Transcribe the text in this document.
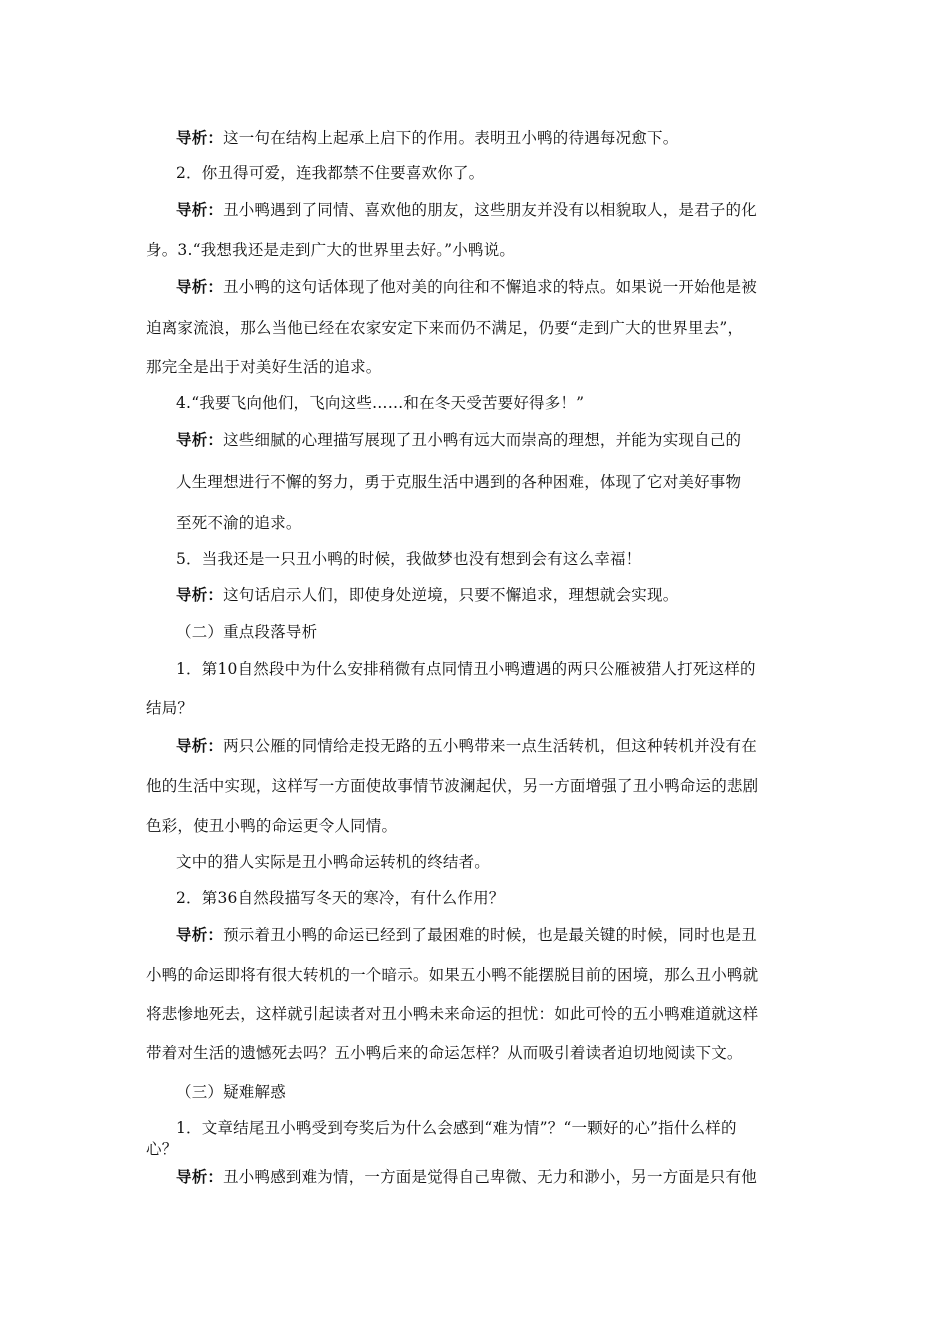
导析：这一句在结构上起承上启下的作用。表明丑小鸭的待遇每况愈下。
2．你丑得可爱，连我都禁不住要喜欢你了。
导析：丑小鸭遇到了同情、喜欢他的朋友，这些朋友并没有以相貌取人，是君子的化
身。3.“我想我还是走到广大的世界里去好。”小鸭说。
导析：丑小鸭的这句话体现了他对美的向往和不懈追求的特点。如果说一开始他是被
迫离家流浪，那么当他已经在农家安定下来而仍不满足，仍要“走到广大的世界里去”，
那完全是出于对美好生活的追求。
4.“我要飞向他们，飞向这些……和在冬天受苦要好得多！”
导析：这些细腻的心理描写展现了丑小鸭有远大而崇高的理想，并能为实现自己的
人生理想进行不懈的努力，勇于克服生活中遇到的各种困难，体现了它对美好事物
至死不渝的追求。
5．当我还是一只丑小鸭的时候，我做梦也没有想到会有这么幸福！
导析：这句话启示人们，即使身处逆境，只要不懈追求，理想就会实现。
（二）重点段落导析
1．第10自然段中为什么安排稍微有点同情丑小鸭遭遇的两只公雁被猎人打死这样的
结局？
导析：两只公雁的同情给走投无路的五小鸭带来一点生活转机，但这种转机并没有在
他的生活中实现，这样写一方面使故事情节波澜起伏，另一方面增强了丑小鸭命运的悲剧
色彩，使丑小鸭的命运更令人同情。
文中的猎人实际是丑小鸭命运转机的终结者。
2．第36自然段描写冬天的寒冷，有什么作用？
导析：预示着丑小鸭的命运已经到了最困难的时候，也是最关键的时候，同时也是丑
小鸭的命运即将有很大转机的一个暗示。如果五小鸭不能摆脱目前的困境，那么丑小鸭就
将悲惨地死去，这样就引起读者对丑小鸭未来命运的担忧：如此可怜的五小鸭难道就这样
带着对生活的遗憾死去吗？五小鸭后来的命运怎样？从而吸引着读者迫切地阅读下文。
（三）疑难解惑
1．文章结尾丑小鸭受到夸奖后为什么会感到“难为情”？“一颗好的心”指什么样的
心？
导析：丑小鸭感到难为情，一方面是觉得自己卑微、无力和渺小，另一方面是只有他
